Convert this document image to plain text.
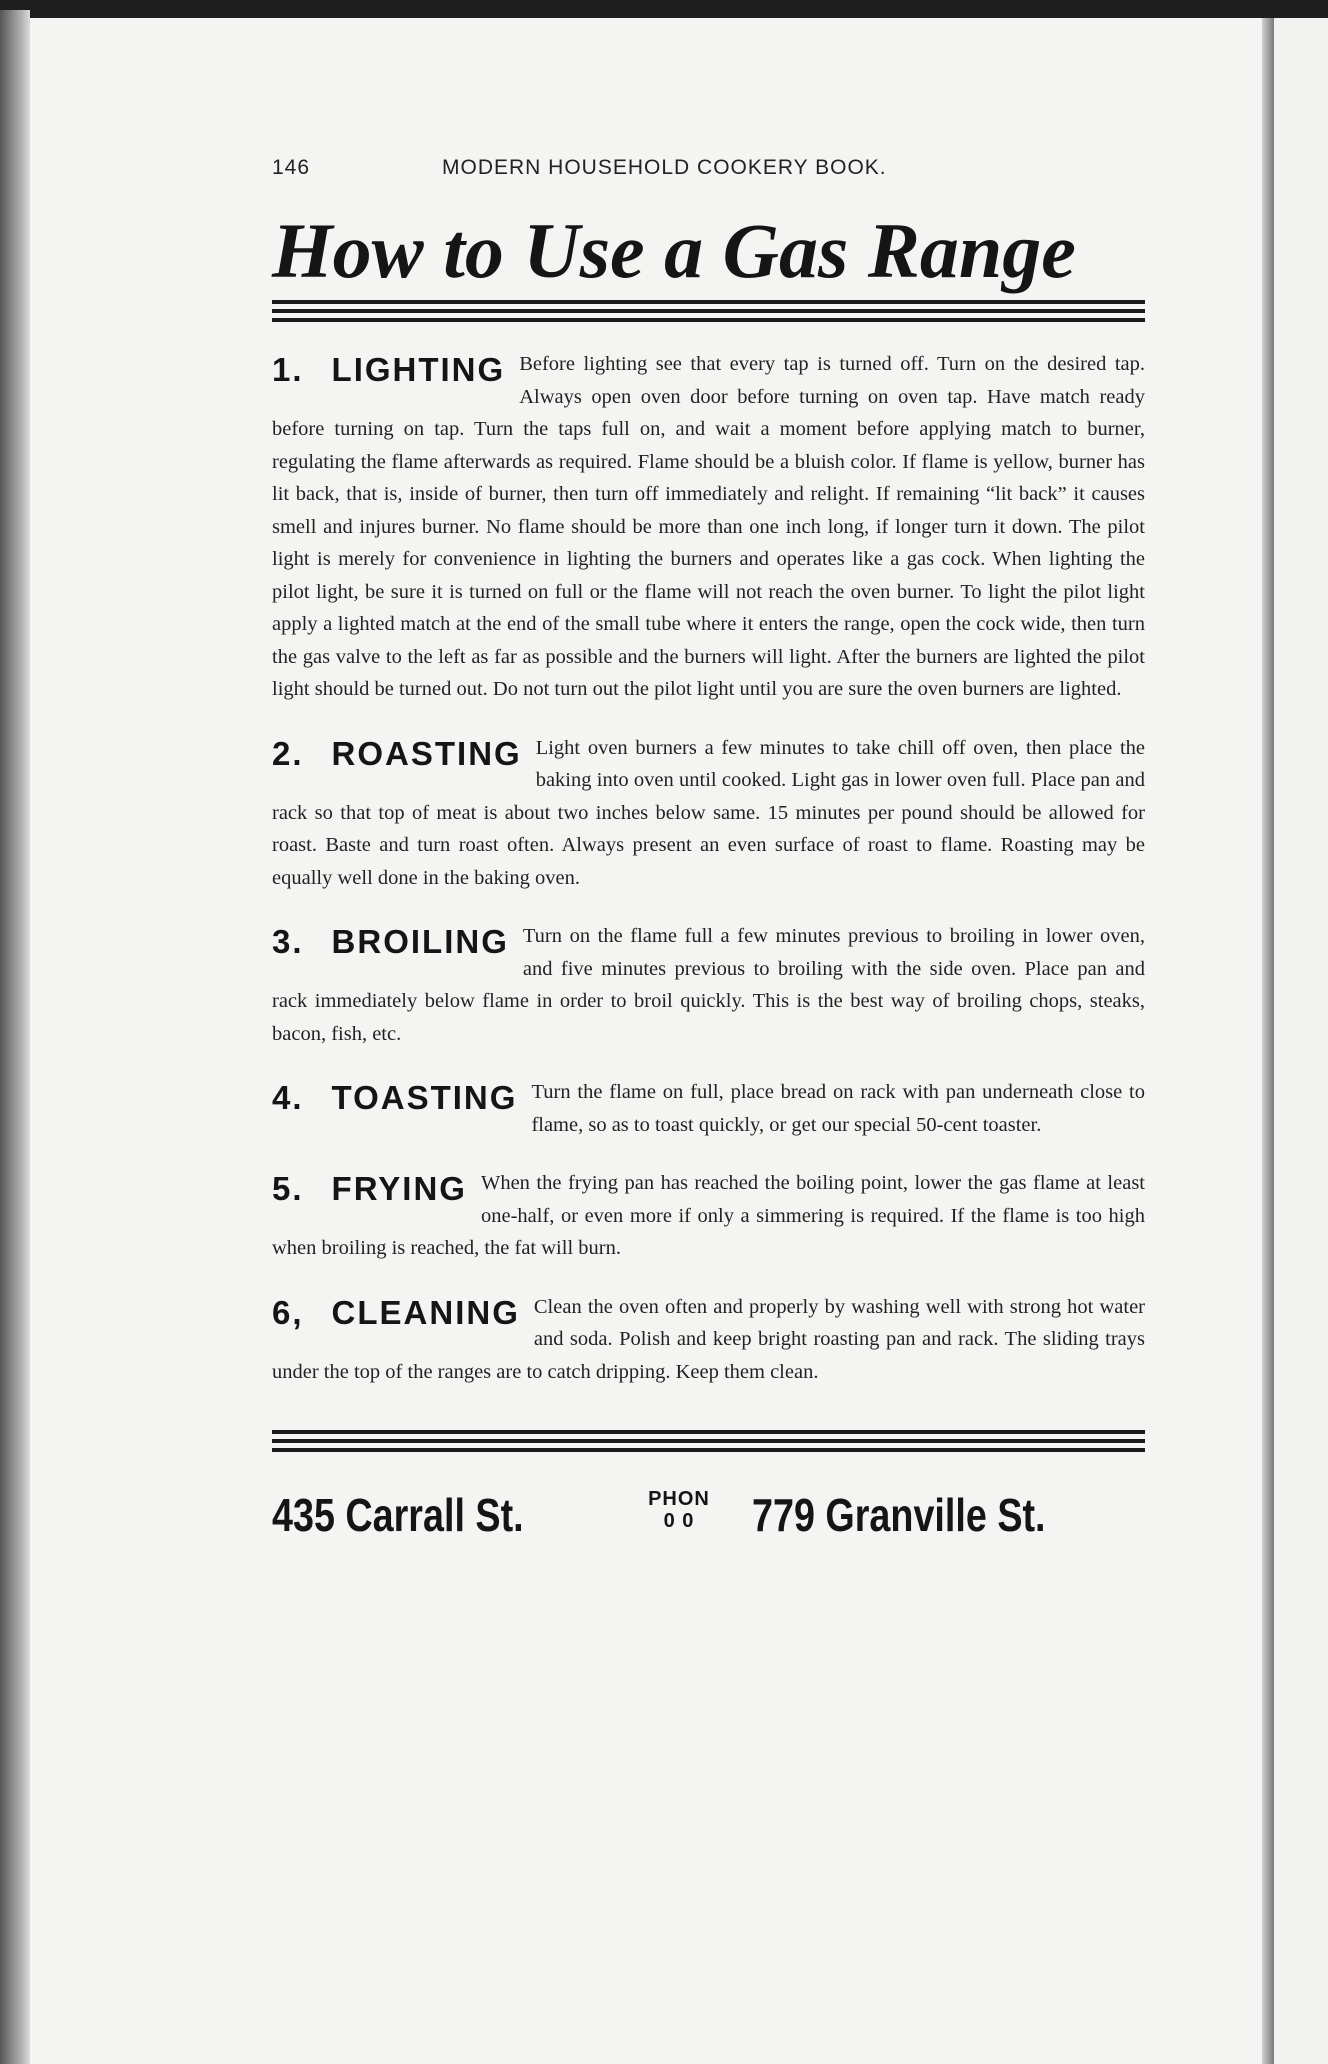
146	MODERN HOUSEHOLD COOKERY BOOK.
How to Use a Gas Range
1. LIGHTING Before lighting see that every tap is turned off. Turn on the desired tap. Always open oven door before turning on oven tap. Have match ready before turning on tap. Turn the taps full on, and wait a moment before applying match to burner, regulating the flame afterwards as required. Flame should be a bluish color. If flame is yellow, burner has lit back, that is, inside of burner, then turn off immediately and relight. If remaining “lit back” it causes smell and injures burner. No flame should be more than one inch long, if longer turn it down. The pilot light is merely for convenience in lighting the burners and operates like a gas cock. When lighting the pilot light, be sure it is turned on full or the flame will not reach the oven burner. To light the pilot light apply a lighted match at the end of the small tube where it enters the range, open the cock wide, then turn the gas valve to the left as far as possible and the burners will light. After the burners are lighted the pilot light should be turned out. Do not turn out the pilot light until you are sure the oven burners are lighted.

2. ROASTING Light oven burners a few minutes to take chill off oven, then place the baking into oven until cooked. Light gas in lower oven full. Place pan and rack so that top of meat is about two inches below same. 15 minutes per pound should be allowed for roast. Baste and turn roast often. Always present an even surface of roast to flame. Roasting may be equally well done in the baking oven.

3. BROILING Turn on the flame full a few minutes previous to broiling in lower oven, and five minutes previous to broiling with the side oven. Place pan and rack immediately below flame in order to broil quickly. This is the best way of broiling chops, steaks, bacon, fish, etc.

4. TOASTING Turn the flame on full, place bread on rack with pan underneath close to flame, so as to toast quickly, or get our special 50-cent toaster.

5. FRYING When the frying pan has reached the boiling point, lower the gas flame at least one-half, or even more if only a simmering is required. If the flame is too high when broiling is reached, the fat will burn.

6, CLEANING Clean the oven often and properly by washing well with strong hot water and soda. Polish and keep bright roasting pan and rack. The sliding trays under the top of the ranges are to catch dripping. Keep them clean.

435 Carrall St.	PHON
0 0	779 Granville St.
